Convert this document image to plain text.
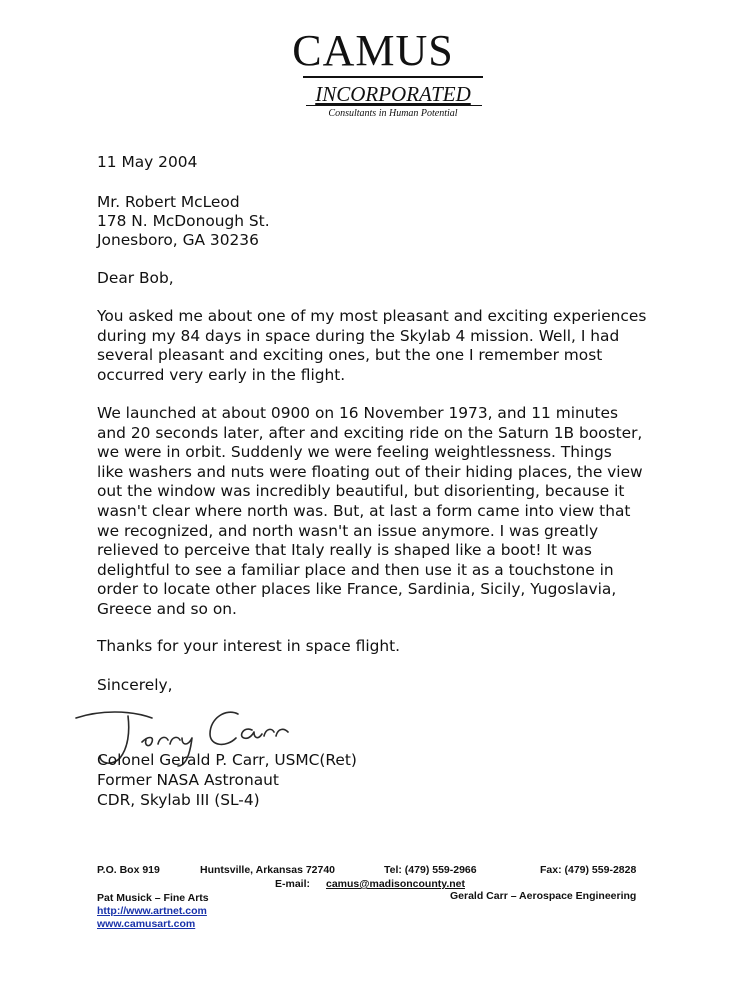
CAMUS
INCORPORATED
Consultants in Human Potential
11 May 2004
Mr. Robert McLeod
178 N. McDonough St.
Jonesboro, GA 30236
Dear Bob,
You asked me about one of my most pleasant and exciting experiences
during my 84 days in space during the Skylab 4 mission. Well, I had
several pleasant and exciting ones, but the one I remember most
occurred very early in the flight.
We launched at about 0900 on 16 November 1973, and 11 minutes
and 20 seconds later, after and exciting ride on the Saturn 1B booster,
we were in orbit. Suddenly we were feeling weightlessness. Things
like washers and nuts were floating out of their hiding places, the view
out the window was incredibly beautiful, but disorienting, because it
wasn't clear where north was. But, at last a form came into view that
we recognized, and north wasn't an issue anymore. I was greatly
relieved to perceive that Italy really is shaped like a boot! It was
delightful to see a familiar place and then use it as a touchstone in
order to locate other places like France, Sardinia, Sicily, Yugoslavia,
Greece and so on.
Thanks for your interest in space flight.
Sincerely,
Colonel Gerald P. Carr, USMC(Ret)
Former NASA Astronaut
CDR, Skylab III (SL-4)
P.O. Box 919	Huntsville, Arkansas 72740	Tel: (479) 559-2966	Fax: (479) 559-2828
E-mail: camus@madisoncounty.net
Pat Musick – Fine Arts	Gerald Carr – Aerospace Engineering
http://www.artnet.com
www.camusart.com
